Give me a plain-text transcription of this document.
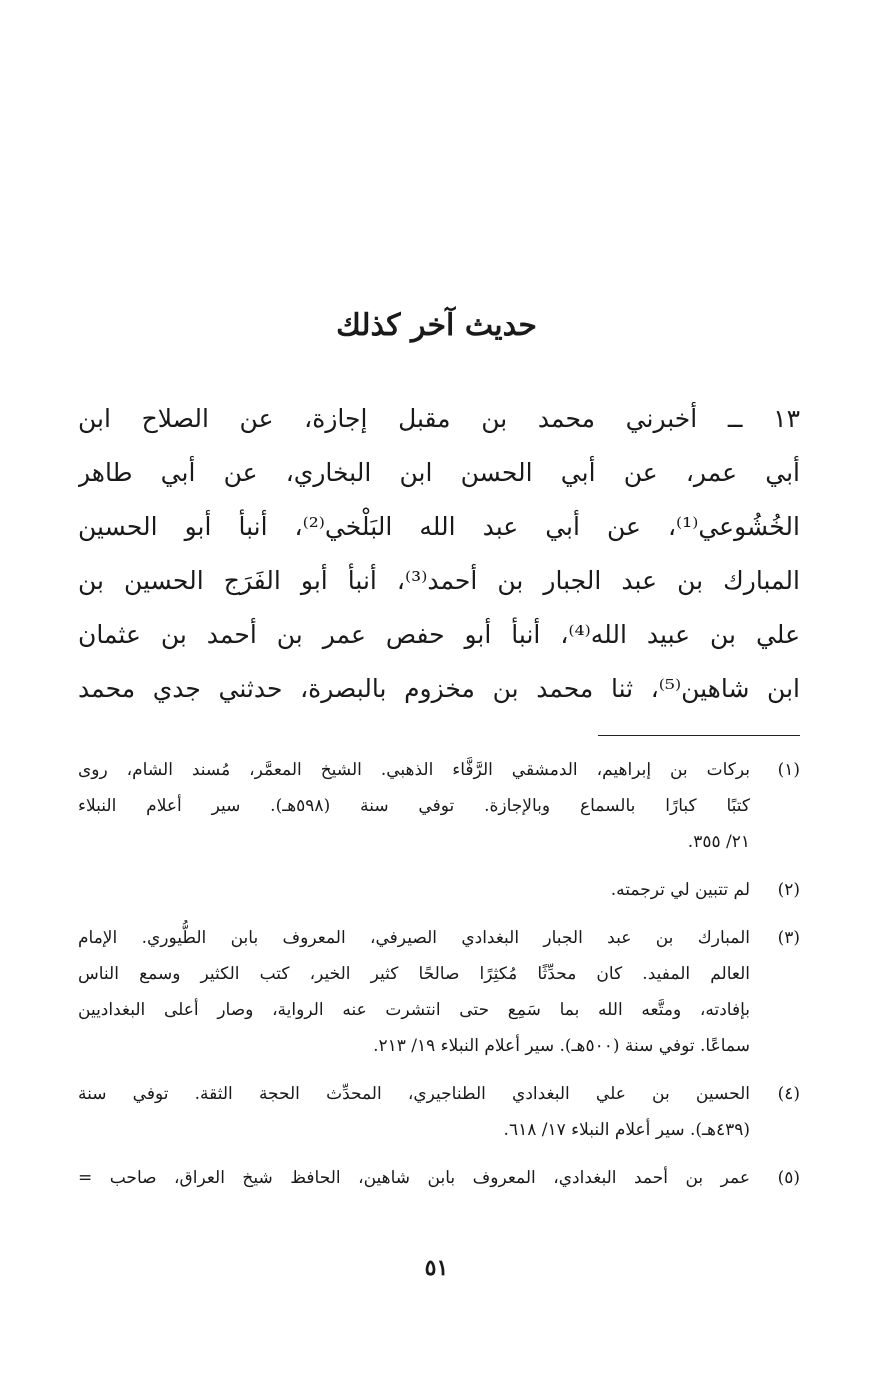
حديث آخر كذلك
١٣ ــ أخبرني محمد بن مقبل إجازة، عن الصلاح ابن
أبي عمر، عن أبي الحسن ابن البخاري، عن أبي طاهر
الخُشُوعي⁽¹⁾، عن أبي عبد الله البَلْخي⁽²⁾، أنبأ أبو الحسين
المبارك بن عبد الجبار بن أحمد⁽³⁾، أنبأ أبو الفَرَج الحسين بن
علي بن عبيد الله⁽⁴⁾، أنبأ أبو حفص عمر بن أحمد بن عثمان
ابن شاهين⁽⁵⁾، ثنا محمد بن مخزوم بالبصرة، حدثني جدي محمد
(١)
بركات بن إبراهيم، الدمشقي الرَّفَّاء الذهبي. الشيخ المعمَّر، مُسند الشام، روى
كتبًا كبارًا بالسماع وبالإجازة. توفي سنة (٥٩٨هـ). سير أعلام النبلاء
٢١/ ٣٥٥.
(٢)
لم تتبين لي ترجمته.
(٣)
المبارك بن عبد الجبار البغدادي الصيرفي، المعروف بابن الطُّيوري. الإمام
العالم المفيد. كان محدِّثًا مُكثِرًا صالحًا كثير الخير، كتب الكثير وسمع الناس
بإفادته، ومتَّعه الله بما سَمِع حتى انتشرت عنه الرواية، وصار أعلى البغداديين
سماعًا. توفي سنة (٥٠٠هـ). سير أعلام النبلاء ١٩/ ٢١٣.
(٤)
الحسين بن علي البغدادي الطناجيري، المحدِّث الحجة الثقة. توفي سنة
(٤٣٩هـ). سير أعلام النبلاء ١٧/ ٦١٨.
(٥)
عمر بن أحمد البغدادي، المعروف بابن شاهين، الحافظ شيخ العراق، صاحب =
٥١
